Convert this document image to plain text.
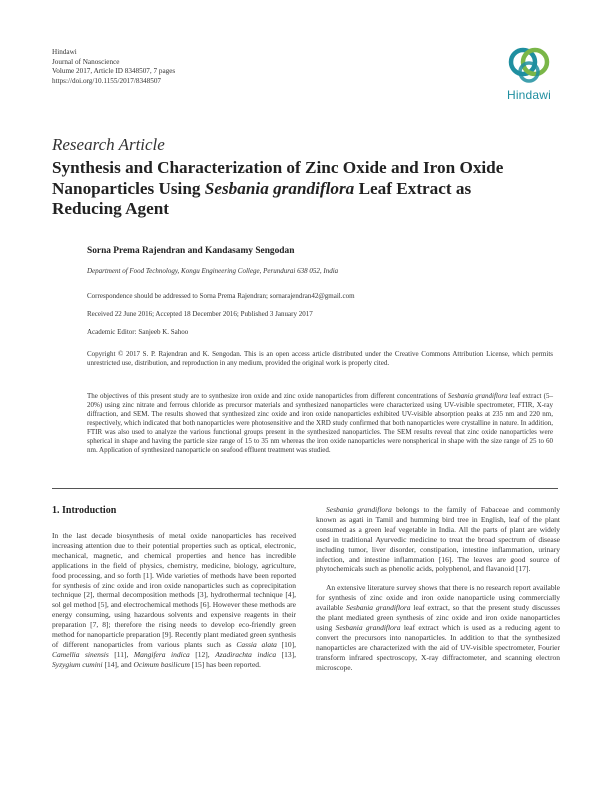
Hindawi
Journal of Nanoscience
Volume 2017, Article ID 8348507, 7 pages
https://doi.org/10.1155/2017/8348507
Hindawi
Research Article
Synthesis and Characterization of Zinc Oxide and Iron Oxide Nanoparticles Using Sesbania grandiflora Leaf Extract as Reducing Agent
Sorna Prema Rajendran and Kandasamy Sengodan
Department of Food Technology, Kongu Engineering College, Perundurai 638 052, India
Correspondence should be addressed to Sorna Prema Rajendran; sornarajendran42@gmail.com
Received 22 June 2016; Accepted 18 December 2016; Published 3 January 2017
Academic Editor: Sanjeeb K. Sahoo
Copyright © 2017 S. P. Rajendran and K. Sengodan. This is an open access article distributed under the Creative Commons Attribution License, which permits unrestricted use, distribution, and reproduction in any medium, provided the original work is properly cited.
The objectives of this present study are to synthesize iron oxide and zinc oxide nanoparticles from different concentrations of Sesbania grandiflora leaf extract (5–20%) using zinc nitrate and ferrous chloride as precursor materials and synthesized nanoparticles were characterized using UV-visible spectrometer, FTIR, X-ray diffraction, and SEM. The results showed that synthesized zinc oxide and iron oxide nanoparticles exhibited UV-visible absorption peaks at 235 nm and 220 nm, respectively, which indicated that both nanoparticles were photosensitive and the XRD study confirmed that both nanoparticles were crystalline in nature. In addition, FTIR was also used to analyze the various functional groups present in the synthesized nanoparticles. The SEM results reveal that zinc oxide nanoparticles were spherical in shape and having the particle size range of 15 to 35 nm whereas the iron oxide nanoparticles were nonspherical in shape with the size range of 25 to 60 nm. Application of synthesized nanoparticle on seafood effluent treatment was studied.
1. Introduction

In the last decade biosynthesis of metal oxide nanoparticles has received increasing attention due to their potential properties such as optical, electronic, mechanical, magnetic, and chemical properties and hence has incredible applications in the field of physics, chemistry, medicine, biology, agriculture, food processing, and so forth [1]. Wide varieties of methods have been reported for synthesis of zinc oxide and iron oxide nanoparticles such as coprecipitation technique [2], thermal decomposition methods [3], hydrothermal technique [4], sol gel method [5], and electrochemical methods [6]. However these methods are energy consuming, using hazardous solvents and expensive reagents in their preparation [7, 8]; therefore the rising needs to develop eco-friendly green method for nanoparticle preparation [9]. Recently plant mediated green synthesis of different nanoparticles from various plants such as Cassia alata [10], Camellia sinensis [11], Mangifera indica [12], Azadirachta indica [13], Syzygium cumini [14], and Ocimum basilicum [15] has been reported.

Sesbania grandiflora belongs to the family of Fabaceae and commonly known as agati in Tamil and humming bird tree in English, leaf of the plant consumed as a green leaf vegetable in India. All the parts of plant are widely used in traditional Ayurvedic medicine to treat the broad spectrum of disease including tumor, liver disorder, constipation, intestine inflammation, urinary infection, and intestine inflammation [16]. The leaves are good source of phytochemicals such as phenolic acids, polyphenol, and flavanoid [17].

An extensive literature survey shows that there is no research report available for synthesis of zinc oxide and iron oxide nanoparticle using commercially available Sesbania grandiflora leaf extract, so that the present study discusses the plant mediated green synthesis of zinc oxide and iron oxide nanoparticles using Sesbania grandiflora leaf extract which is used as a reducing agent to convert the precursors into nanoparticles. In addition to that the synthesized nanoparticles are characterized with the aid of UV-visible spectrometer, Fourier transform infrared spectroscopy, X-ray diffractometer, and scanning electron microscope.
